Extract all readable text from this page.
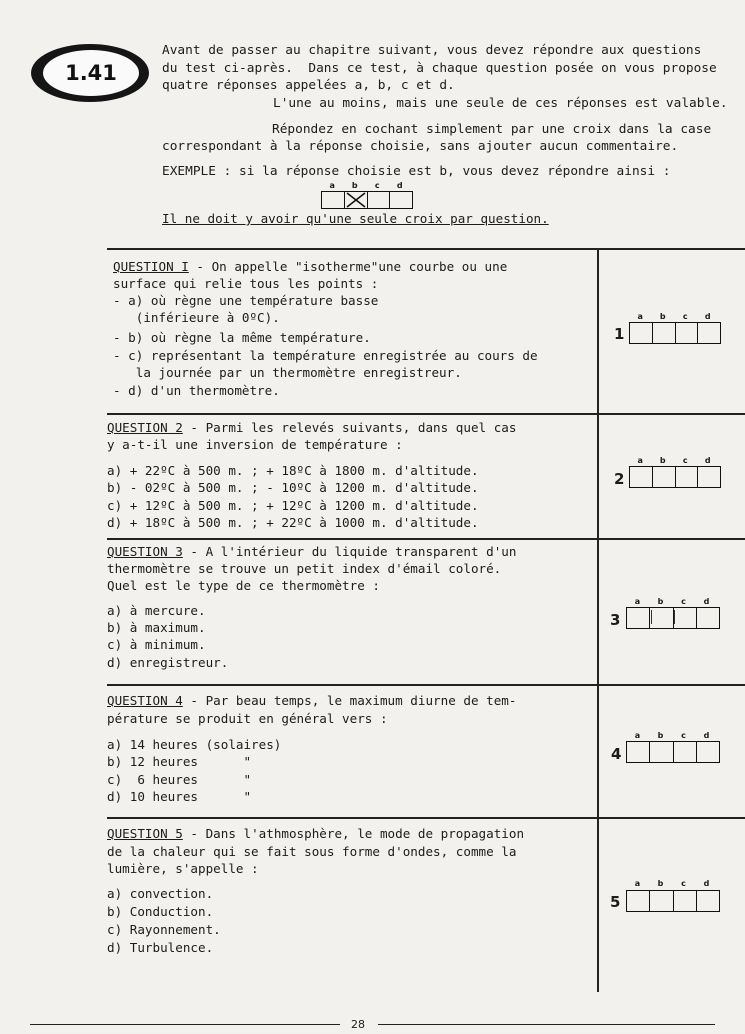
1.41
Avant de passer au chapitre suivant, vous devez répondre aux questions
du test ci-après.  Dans ce test, à chaque question posée on vous propose
quatre réponses appelées a, b, c et d.
L'une au moins, mais une seule de ces réponses est valable.
Répondez en cochant simplement par une croix dans la case
correspondant à la réponse choisie, sans ajouter aucun commentaire.
EXEMPLE : si la réponse choisie est b, vous devez répondre ainsi :
a	b	c	d
Il ne doit y avoir qu'une seule croix par question.
QUESTION I - On appelle "isotherme"une courbe ou une
surface qui relie tous les points :
- a) où règne une température basse
(inférieure à 0ºC).
- b) où règne la même température.
- c) représentant la température enregistrée au cours de
la journée par un thermomètre enregistreur.
- d) d'un thermomètre.
QUESTION 2 - Parmi les relevés suivants, dans quel cas
y a-t-il une inversion de température :
a) + 22ºC à 500 m. ; + 18ºC à 1800 m. d'altitude.
b) - 02ºC à 500 m. ; - 10ºC à 1200 m. d'altitude.
c) + 12ºC à 500 m. ; + 12ºC à 1200 m. d'altitude.
d) + 18ºC à 500 m. ; + 22ºC à 1000 m. d'altitude.
QUESTION 3 - A l'intérieur du liquide transparent d'un
thermomètre se trouve un petit index d'émail coloré.
Quel est le type de ce thermomètre :
a) à mercure.
b) à maximum.
c) à minimum.
d) enregistreur.
QUESTION 4 - Par beau temps, le maximum diurne de tem-
pérature se produit en général vers :
a) 14 heures (solaires)
b) 12 heures      "
c)  6 heures      "
d) 10 heures      "
QUESTION 5 - Dans l'athmosphère, le mode de propagation
de la chaleur qui se fait sous forme d'ondes, comme la
lumière, s'appelle :
a) convection.
b) Conduction.
c) Rayonnement.
d) Turbulence.
1
a	b	c	d
2
a	b	c	d
3
a	b	c	d
4
a	b	c	d
5
a	b	c	d
28
